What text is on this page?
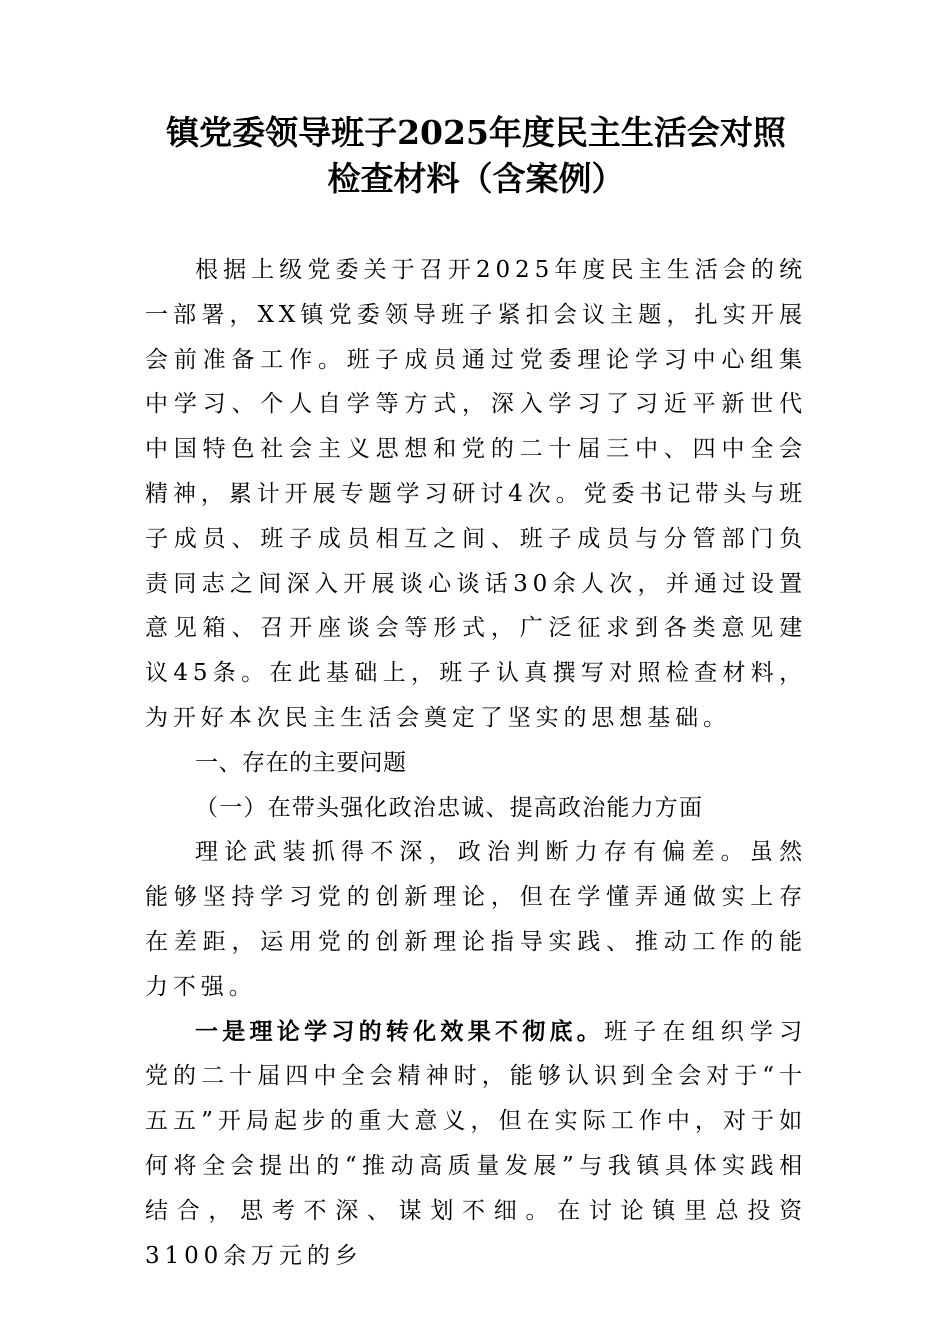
镇党委领导班子2025年度民主生活会对照
检查材料（含案例）

根据上级党委关于召开2025年度民主生活会的统一部署，XX镇党委领导班子紧扣会议主题，扎实开展会前准备工作。班子成员通过党委理论学习中心组集中学习、个人自学等方式，深入学习了习近平新世代中国特色社会主义思想和党的二十届三中、四中全会精神，累计开展专题学习研讨4次。党委书记带头与班子成员、班子成员相互之间、班子成员与分管部门负责同志之间深入开展谈心谈话30余人次，并通过设置意见箱、召开座谈会等形式，广泛征求到各类意见建议45条。在此基础上，班子认真撰写对照检查材料，为开好本次民主生活会奠定了坚实的思想基础。

一、存在的主要问题

（一）在带头强化政治忠诚、提高政治能力方面

理论武装抓得不深，政治判断力存有偏差。虽然能够坚持学习党的创新理论，但在学懂弄通做实上存在差距，运用党的创新理论指导实践、推动工作的能力不强。

一是理论学习的转化效果不彻底。班子在组织学习党的二十届四中全会精神时，能够认识到全会对于“十五五”开局起步的重大意义，但在实际工作中，对于如何将全会提出的“推动高质量发展”与我镇具体实践相结合，思考不深、谋划不细。在讨论镇里总投资3100余万元的乡
